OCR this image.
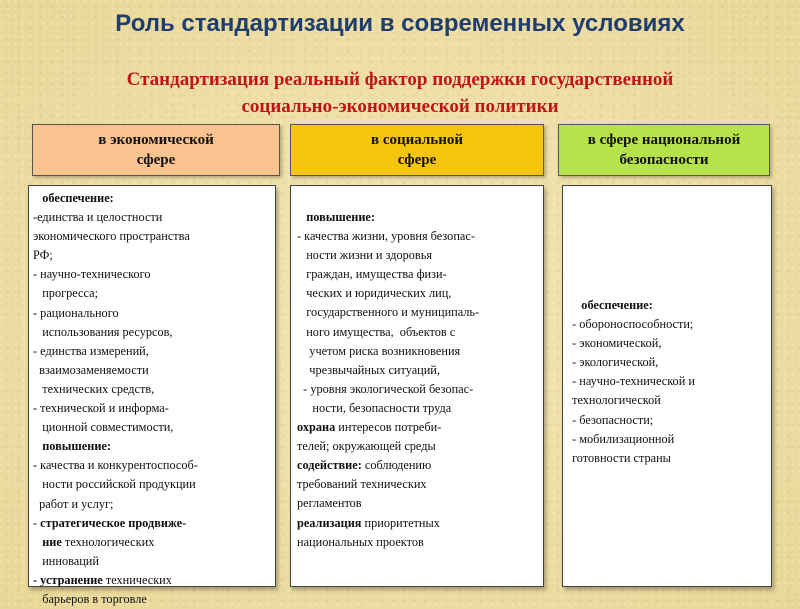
Роль стандартизации в современных условиях
Стандартизация реальный фактор поддержки государственной
социально-экономической политики
в экономической
сфере
в социальной
сфере
в сфере национальной
безопасности
обеспечение:
-единства и целостности
экономического пространства
РФ;
- научно-технического
прогресса;
- рационального
использования ресурсов,
- единства измерений,
взаимозаменяемости
технических средств,
- технической и информа-
ционной совместимости,
повышение:
- качества и конкурентоспособ-
ности российской продукции
работ и услуг;
- стратегическое продвиже-
ние технологических
инноваций
- устранение технических
барьеров в торговле
повышение:
- качества жизни, уровня безопас-
ности жизни и здоровья
граждан, имущества физи-
ческих и юридических лиц,
государственного и муниципаль-
ного имущества,  объектов с
учетом риска возникновения
чрезвычайных ситуаций,
- уровня экологической безопас-
ности, безопасности труда
охрана интересов потреби-
телей; окружающей среды
содействие: соблюдению
требований технических
регламентов
реализация приоритетных
национальных проектов
обеспечение:
- обороноспособности;
- экономической,
- экологической,
- научно-технической и
технологической
- безопасности;
- мобилизационной
готовности страны
